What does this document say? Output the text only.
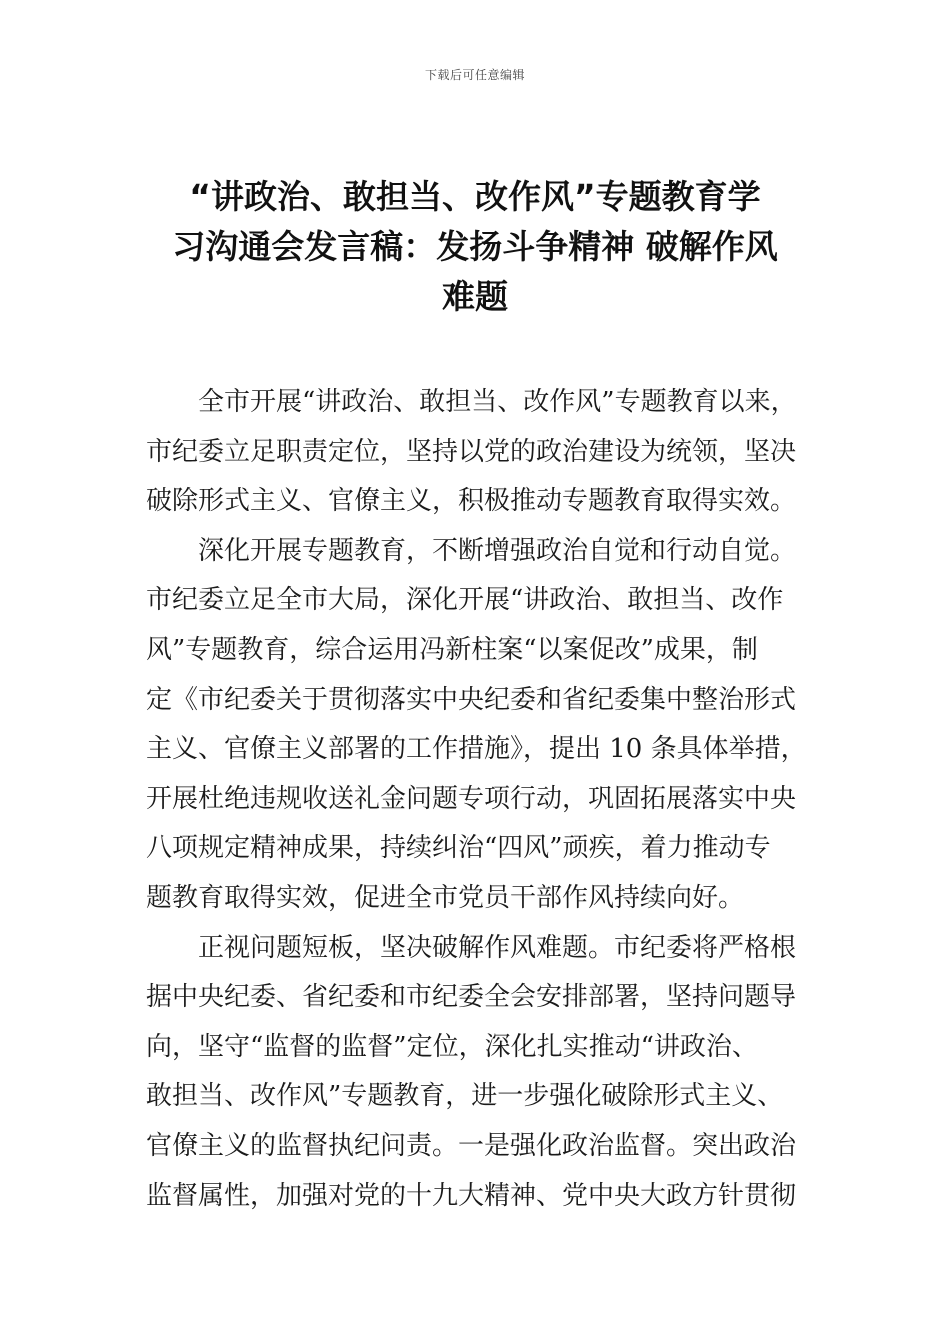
下载后可任意编辑
“讲政治、敢担当、改作风”专题教育学
习沟通会发言稿：发扬斗争精神 破解作风
难题
全市开展“讲政治、敢担当、改作风”专题教育以来，
市纪委立足职责定位，坚持以党的政治建设为统领，坚决
破除形式主义、官僚主义，积极推动专题教育取得实效。
深化开展专题教育，不断增强政治自觉和行动自觉。
市纪委立足全市大局，深化开展“讲政治、敢担当、改作
风”专题教育，综合运用冯新柱案“以案促改”成果，制
定《市纪委关于贯彻落实中央纪委和省纪委集中整治形式
主义、官僚主义部署的工作措施》，提出 10 条具体举措，
开展杜绝违规收送礼金问题专项行动，巩固拓展落实中央
八项规定精神成果，持续纠治“四风”顽疾，着力推动专
题教育取得实效，促进全市党员干部作风持续向好。
正视问题短板，坚决破解作风难题。市纪委将严格根
据中央纪委、省纪委和市纪委全会安排部署，坚持问题导
向，坚守“监督的监督”定位，深化扎实推动“讲政治、
敢担当、改作风”专题教育，进一步强化破除形式主义、
官僚主义的监督执纪问责。一是强化政治监督。突出政治
监督属性，加强对党的十九大精神、党中央大政方针贯彻
